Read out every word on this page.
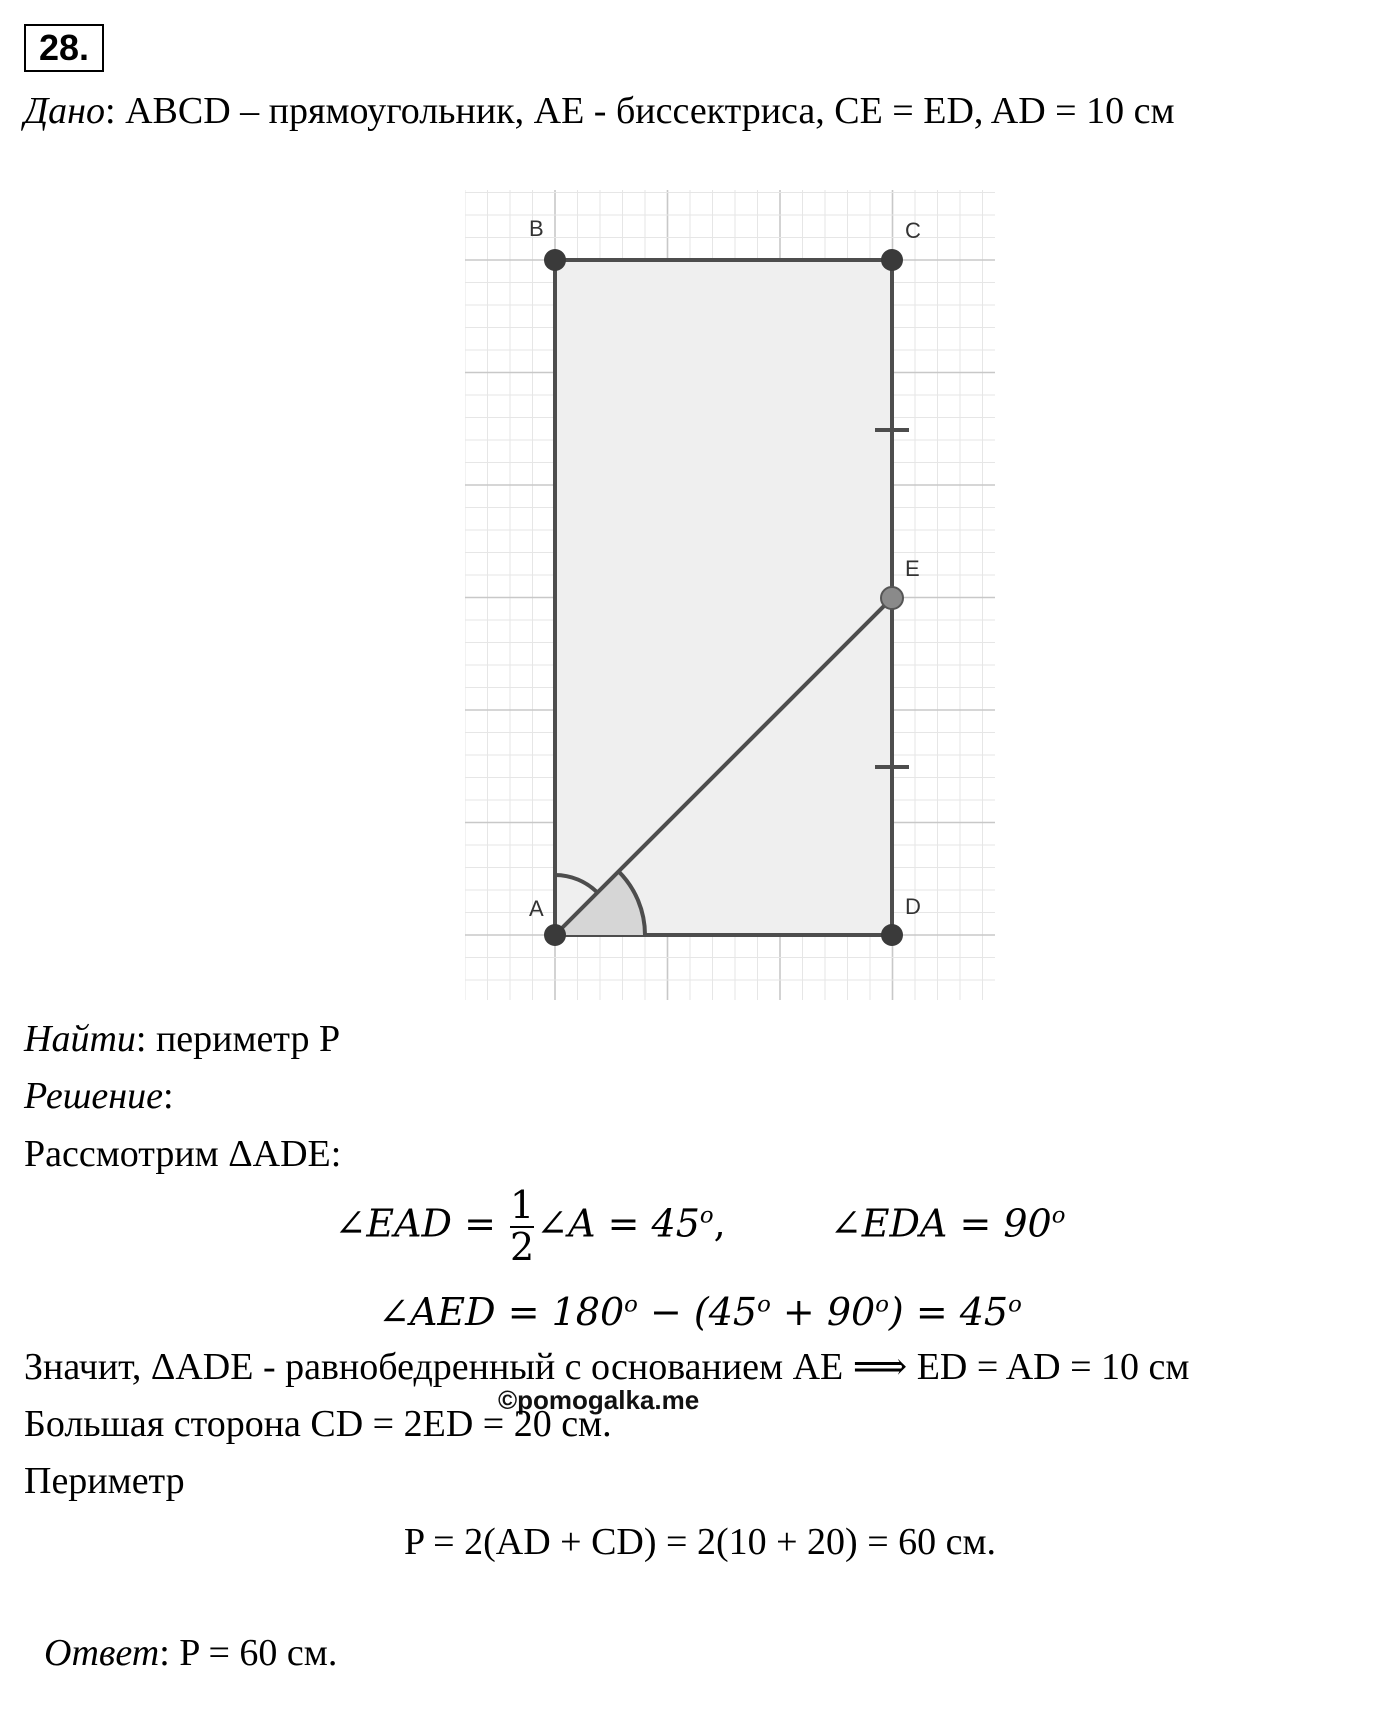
28.
Дано: ABCD – прямоугольник, AE - биссектриса, CE = ED, AD = 10 см
B	C
E
A	D
Найти: периметр P
Решение:
Рассмотрим ΔADE:
∠EAD = $\frac{1}{2}$ ∠A = $45^o$,	∠EDA = $90^o$
∠AED = $180^o - (45^o + 90^o) = 45^o$
Значит, ΔADE - равнобедренный с основанием AE ⟹ ED = AD = 10 см
©pomogalka.me
Большая сторона CD = 2ED = 20 см.
Периметр
P = 2(AD + CD) = 2(10 + 20) = 60 см.
Ответ: P = 60 см.
